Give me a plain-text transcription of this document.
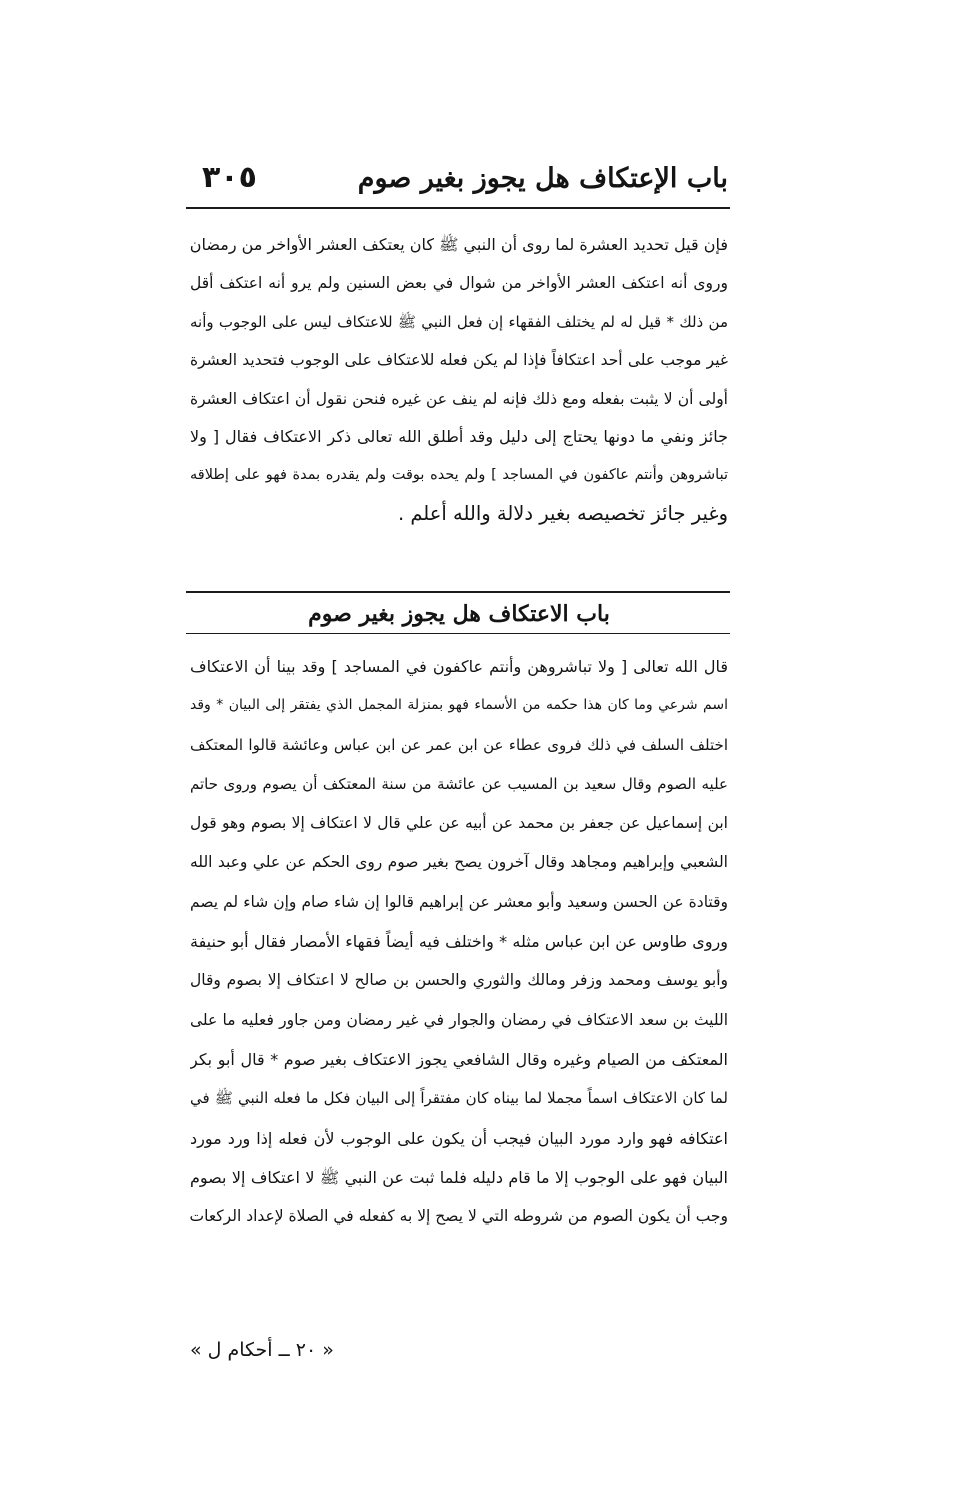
باب الإعتكاف هل يجوز بغير صوم
٣٠٥
فإن قيل تحديد العشرة لما روى أن النبي ﷺ كان يعتكف العشر الأواخر من رمضان
وروى أنه اعتكف العشر الأواخر من شوال في بعض السنين ولم يرو أنه اعتكف أقل
من ذلك * قيل له لم يختلف الفقهاء إن فعل النبي ﷺ للاعتكاف ليس على الوجوب وأنه
غير موجب على أحد اعتكافاً فإذا لم يكن فعله للاعتكاف على الوجوب فتحديد العشرة
أولى أن لا يثبت بفعله ومع ذلك فإنه لم ينف عن غيره فنحن نقول أن اعتكاف العشرة
جائز ونفي ما دونها يحتاج إلى دليل وقد أطلق الله تعالى ذكر الاعتكاف فقال [ ولا
تباشروهن وأنتم عاكفون في المساجد ] ولم يحده بوقت ولم يقدره بمدة فهو على إطلاقه
وغير جائز تخصيصه بغير دلالة والله أعلم .
باب الاعتكاف هل يجوز بغير صوم
قال الله تعالى [ ولا تباشروهن وأنتم عاكفون في المساجد ] وقد بينا أن الاعتكاف
اسم شرعي وما كان هذا حكمه من الأسماء فهو بمنزلة المجمل الذي يفتقر إلى البيان * وقد
اختلف السلف في ذلك فروى عطاء عن ابن عمر عن ابن عباس وعائشة قالوا المعتكف
عليه الصوم وقال سعيد بن المسيب عن عائشة من سنة المعتكف أن يصوم وروى حاتم
ابن إسماعيل عن جعفر بن محمد عن أبيه عن علي قال لا اعتكاف إلا بصوم وهو قول
الشعبي وإبراهيم ومجاهد وقال آخرون يصح بغير صوم روى الحكم عن علي وعبد الله
وقتادة عن الحسن وسعيد وأبو معشر عن إبراهيم قالوا إن شاء صام وإن شاء لم يصم
وروى طاوس عن ابن عباس مثله * واختلف فيه أيضاً فقهاء الأمصار فقال أبو حنيفة
وأبو يوسف ومحمد وزفر ومالك والثوري والحسن بن صالح لا اعتكاف إلا بصوم وقال
الليث بن سعد الاعتكاف في رمضان والجوار في غير رمضان ومن جاور فعليه ما على
المعتكف من الصيام وغيره وقال الشافعي يجوز الاعتكاف بغير صوم * قال أبو بكر
لما كان الاعتكاف اسماً مجملا لما بيناه كان مفتقراً إلى البيان فكل ما فعله النبي ﷺ في
اعتكافه فهو وارد مورد البيان فيجب أن يكون على الوجوب لأن فعله إذا ورد مورد
البيان فهو على الوجوب إلا ما قام دليله فلما ثبت عن النبي ﷺ لا اعتكاف إلا بصوم
وجب أن يكون الصوم من شروطه التي لا يصح إلا به كفعله في الصلاة لإعداد الركعات
« ٢٠ ــ أحكام ل »
